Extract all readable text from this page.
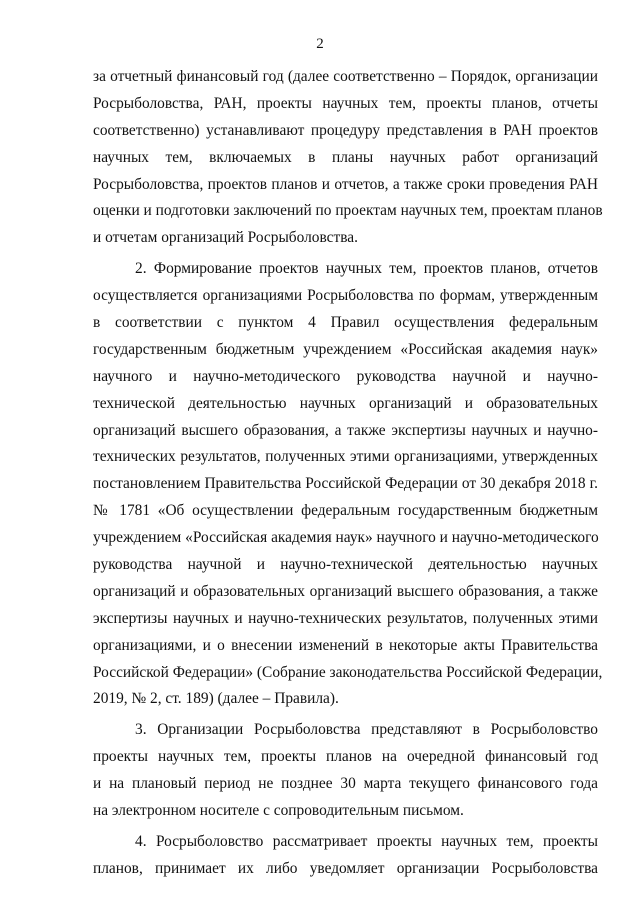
2
за отчетный финансовый год (далее соответственно – Порядок, организации
Росрыболовства, РАН, проекты научных тем, проекты планов, отчеты
соответственно) устанавливают процедуру представления в РАН проектов
научных тем, включаемых в планы научных работ организаций
Росрыболовства, проектов планов и отчетов, а также сроки проведения РАН
оценки и подготовки заключений по проектам научных тем, проектам планов
и отчетам организаций Росрыболовства.
2. Формирование проектов научных тем, проектов планов, отчетов
осуществляется организациями Росрыболовства по формам, утвержденным
в соответствии с пунктом 4 Правил осуществления федеральным
государственным бюджетным учреждением «Российская академия наук»
научного и научно-методического руководства научной и научно-
технической деятельностью научных организаций и образовательных
организаций высшего образования, а также экспертизы научных и научно-
технических результатов, полученных этими организациями, утвержденных
постановлением Правительства Российской Федерации от 30 декабря 2018 г.
№ 1781 «Об осуществлении федеральным государственным бюджетным
учреждением «Российская академия наук» научного и научно-методического
руководства научной и научно-технической деятельностью научных
организаций и образовательных организаций высшего образования, а также
экспертизы научных и научно-технических результатов, полученных этими
организациями, и о внесении изменений в некоторые акты Правительства
Российской Федерации» (Собрание законодательства Российской Федерации,
2019, № 2, ст. 189) (далее – Правила).
3. Организации Росрыболовства представляют в Росрыболовство
проекты научных тем, проекты планов на очередной финансовый год
и на плановый период не позднее 30 марта текущего финансового года
на электронном носителе с сопроводительным письмом.
4. Росрыболовство рассматривает проекты научных тем, проекты
планов, принимает их либо уведомляет организации Росрыболовства
